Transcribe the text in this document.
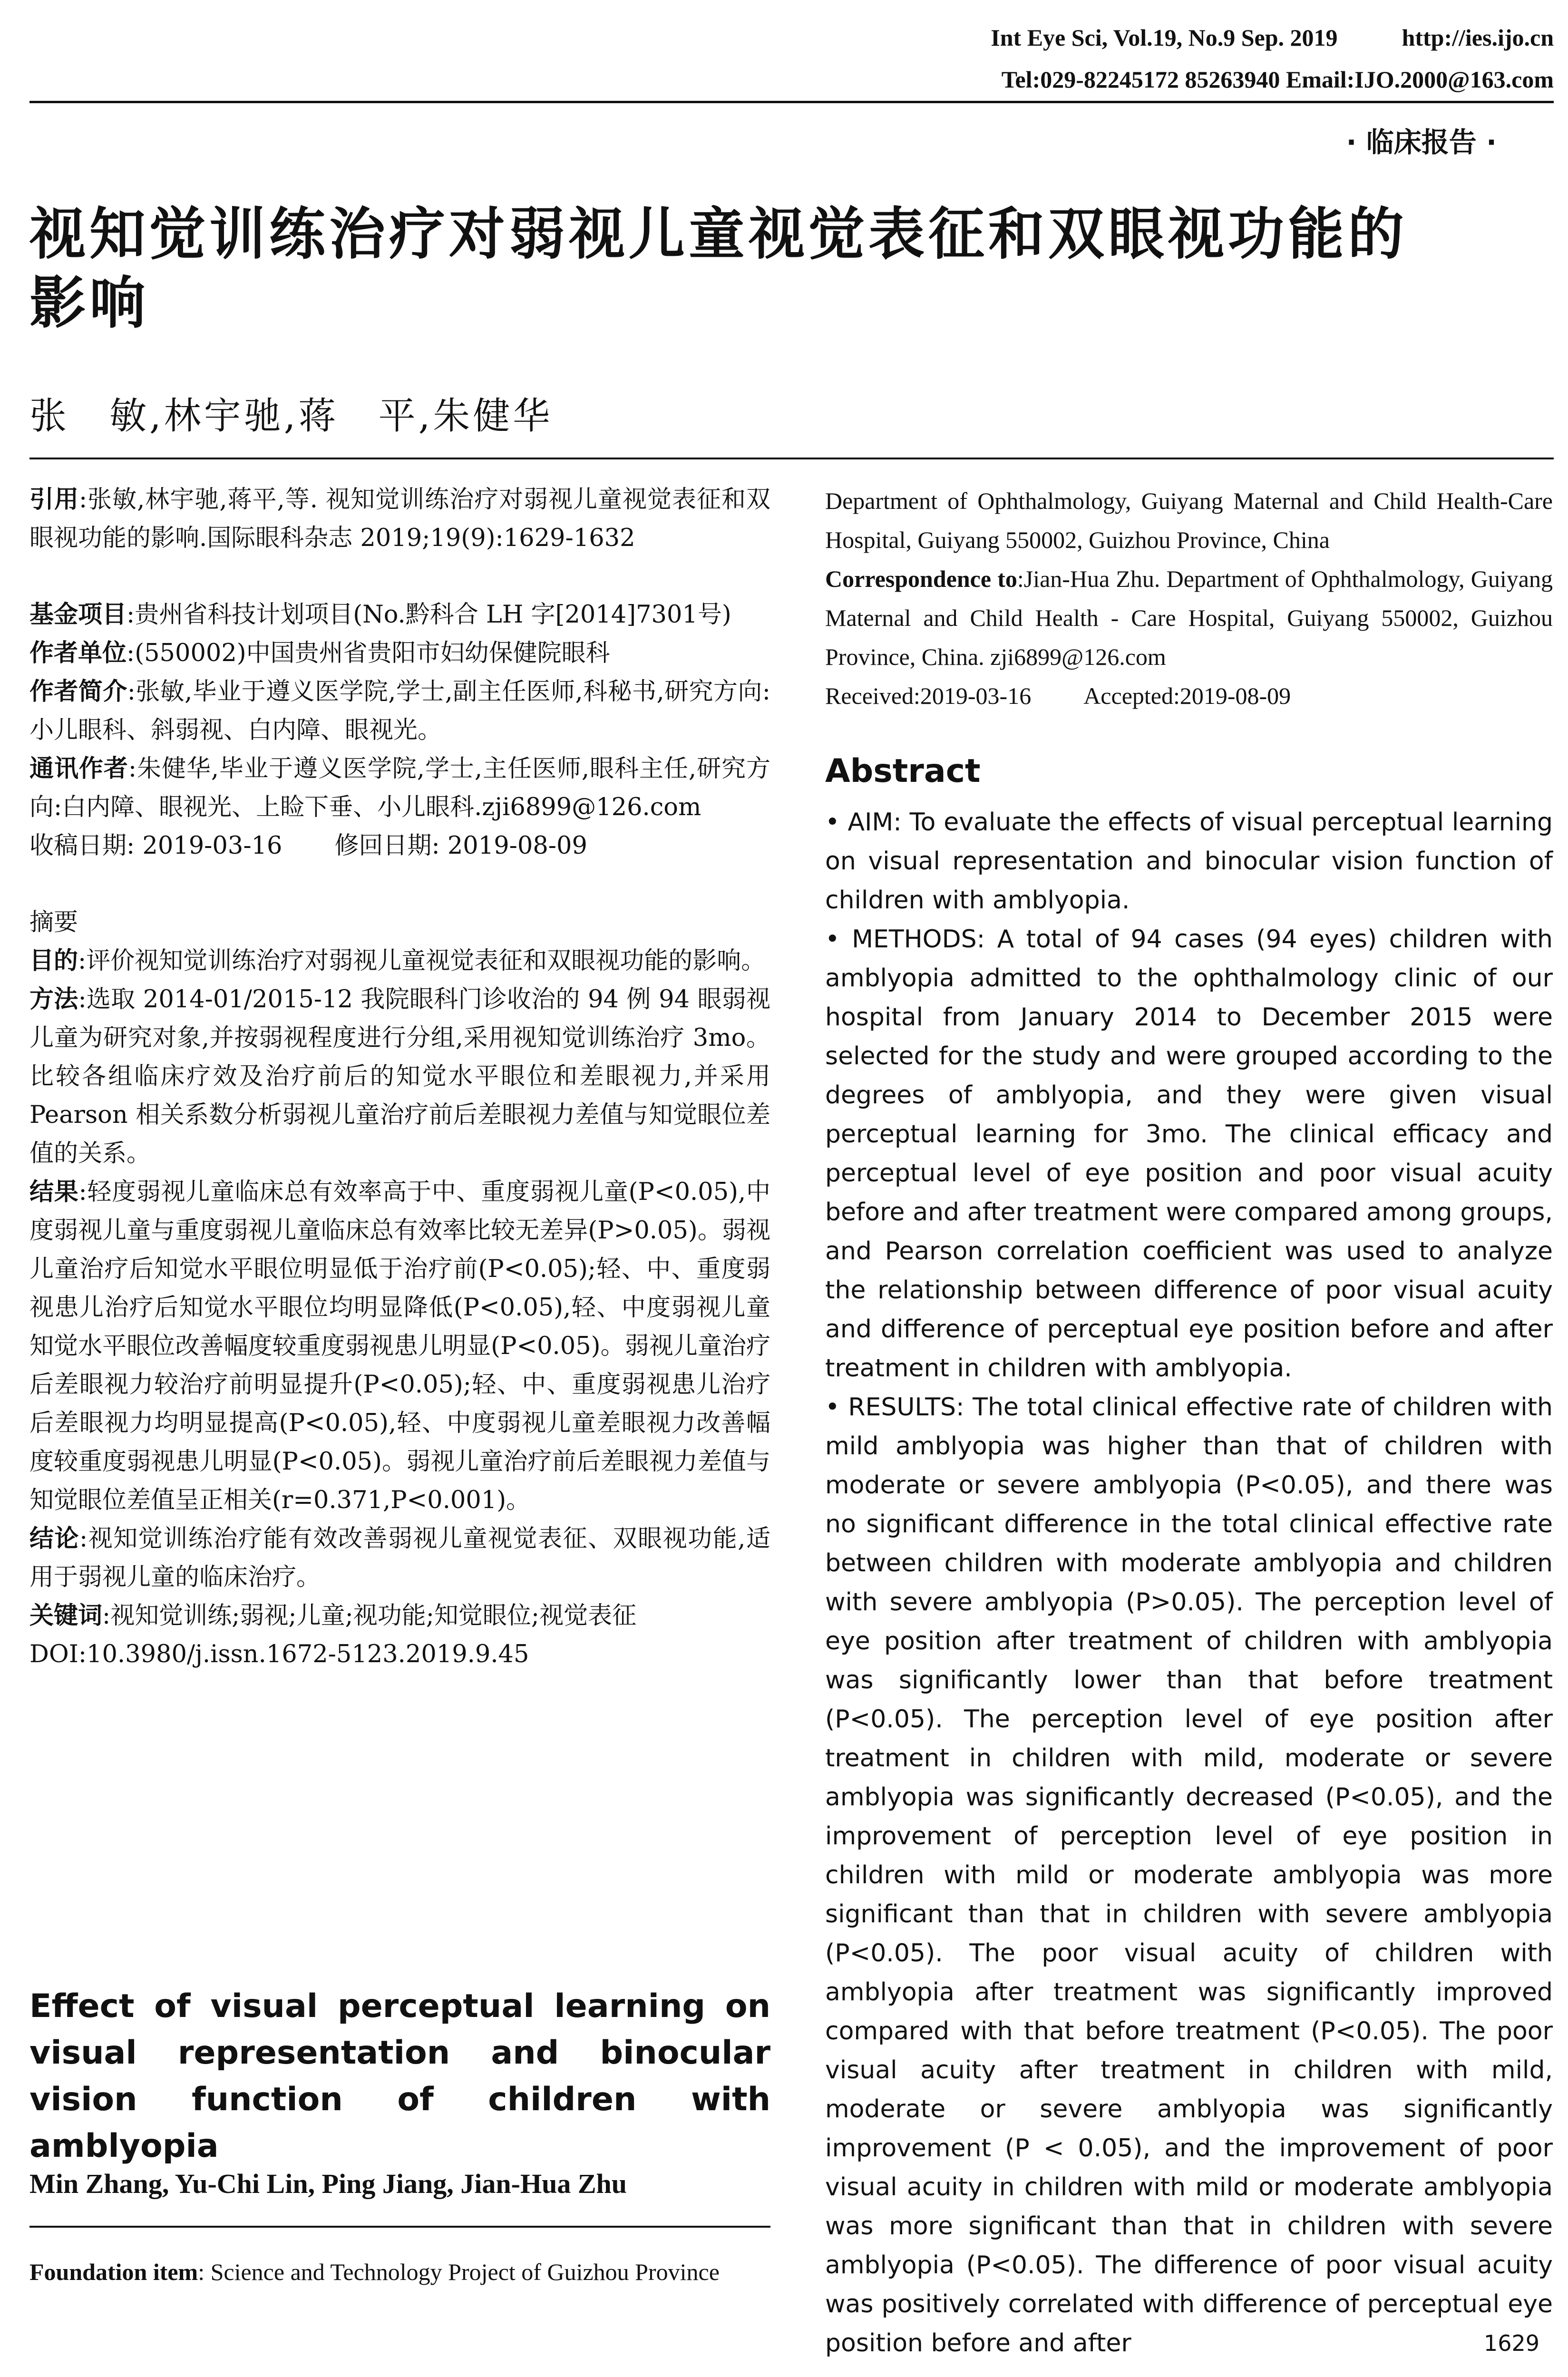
Int Eye Sci, Vol.19, No.9 Sep. 2019	http://ies.ijo.cn
Tel:029-82245172 85263940 Email:IJO.2000@163.com
· 临床报告 ·
视知觉训练治疗对弱视儿童视觉表征和双眼视功能的
影响
张　敏,林宇驰,蒋　平,朱健华

引用:张敏,林宇驰,蒋平,等. 视知觉训练治疗对弱视儿童视觉表征和双眼视功能的影响.国际眼科杂志 2019;19(9):1629-1632

基金项目:贵州省科技计划项目(No.黔科合 LH 字[2014]7301号)

作者单位:(550002)中国贵州省贵阳市妇幼保健院眼科

作者简介:张敏,毕业于遵义医学院,学士,副主任医师,科秘书,研究方向:小儿眼科、斜弱视、白内障、眼视光。

通讯作者:朱健华,毕业于遵义医学院,学士,主任医师,眼科主任,研究方向:白内障、眼视光、上睑下垂、小儿眼科.zji6899@126.com

收稿日期: 2019-03-16 修回日期: 2019-08-09

摘要

目的:评价视知觉训练治疗对弱视儿童视觉表征和双眼视功能的影响。

方法:选取 2014-01/2015-12 我院眼科门诊收治的 94 例 94 眼弱视儿童为研究对象,并按弱视程度进行分组,采用视知觉训练治疗 3mo。比较各组临床疗效及治疗前后的知觉水平眼位和差眼视力,并采用 Pearson 相关系数分析弱视儿童治疗前后差眼视力差值与知觉眼位差值的关系。

结果:轻度弱视儿童临床总有效率高于中、重度弱视儿童(P<0.05),中度弱视儿童与重度弱视儿童临床总有效率比较无差异(P>0.05)。弱视儿童治疗后知觉水平眼位明显低于治疗前(P<0.05);轻、中、重度弱视患儿治疗后知觉水平眼位均明显降低(P<0.05),轻、中度弱视儿童知觉水平眼位改善幅度较重度弱视患儿明显(P<0.05)。弱视儿童治疗后差眼视力较治疗前明显提升(P<0.05);轻、中、重度弱视患儿治疗后差眼视力均明显提高(P<0.05),轻、中度弱视儿童差眼视力改善幅度较重度弱视患儿明显(P<0.05)。弱视儿童治疗前后差眼视力差值与知觉眼位差值呈正相关(r=0.371,P<0.001)。

结论:视知觉训练治疗能有效改善弱视儿童视觉表征、双眼视功能,适用于弱视儿童的临床治疗。

关键词:视知觉训练;弱视;儿童;视功能;知觉眼位;视觉表征

DOI:10.3980/j.issn.1672-5123.2019.9.45

Effect of visual perceptual learning on visual representation and binocular vision function of children with amblyopia
Min Zhang, Yu-Chi Lin, Ping Jiang, Jian-Hua Zhu
Foundation item: Science and Technology Project of Guizhou Province

Department of Ophthalmology, Guiyang Maternal and Child Health-Care Hospital, Guiyang 550002, Guizhou Province, China

Correspondence to:Jian-Hua Zhu. Department of Ophthalmology, Guiyang Maternal and Child Health - Care Hospital, Guiyang 550002, Guizhou Province, China. zji6899@126.com

Received:2019-03-16 Accepted:2019-08-09

Abstract

• AIM: To evaluate the effects of visual perceptual learning on visual representation and binocular vision function of children with amblyopia.

• METHODS: A total of 94 cases (94 eyes) children with amblyopia admitted to the ophthalmology clinic of our hospital from January 2014 to December 2015 were selected for the study and were grouped according to the degrees of amblyopia, and they were given visual perceptual learning for 3mo. The clinical efficacy and perceptual level of eye position and poor visual acuity before and after treatment were compared among groups, and Pearson correlation coefficient was used to analyze the relationship between difference of poor visual acuity and difference of perceptual eye position before and after treatment in children with amblyopia.

• RESULTS: The total clinical effective rate of children with mild amblyopia was higher than that of children with moderate or severe amblyopia (P<0.05), and there was no significant difference in the total clinical effective rate between children with moderate amblyopia and children with severe amblyopia (P>0.05). The perception level of eye position after treatment of children with amblyopia was significantly lower than that before treatment (P<0.05). The perception level of eye position after treatment in children with mild, moderate or severe amblyopia was significantly decreased (P<0.05), and the improvement of perception level of eye position in children with mild or moderate amblyopia was more significant than that in children with severe amblyopia (P<0.05). The poor visual acuity of children with amblyopia after treatment was significantly improved compared with that before treatment (P<0.05). The poor visual acuity after treatment in children with mild, moderate or severe amblyopia was significantly improvement (P < 0.05), and the improvement of poor visual acuity in children with mild or moderate amblyopia was more significant than that in children with severe amblyopia (P<0.05). The difference of poor visual acuity was positively correlated with difference of perceptual eye position before and after	1629
